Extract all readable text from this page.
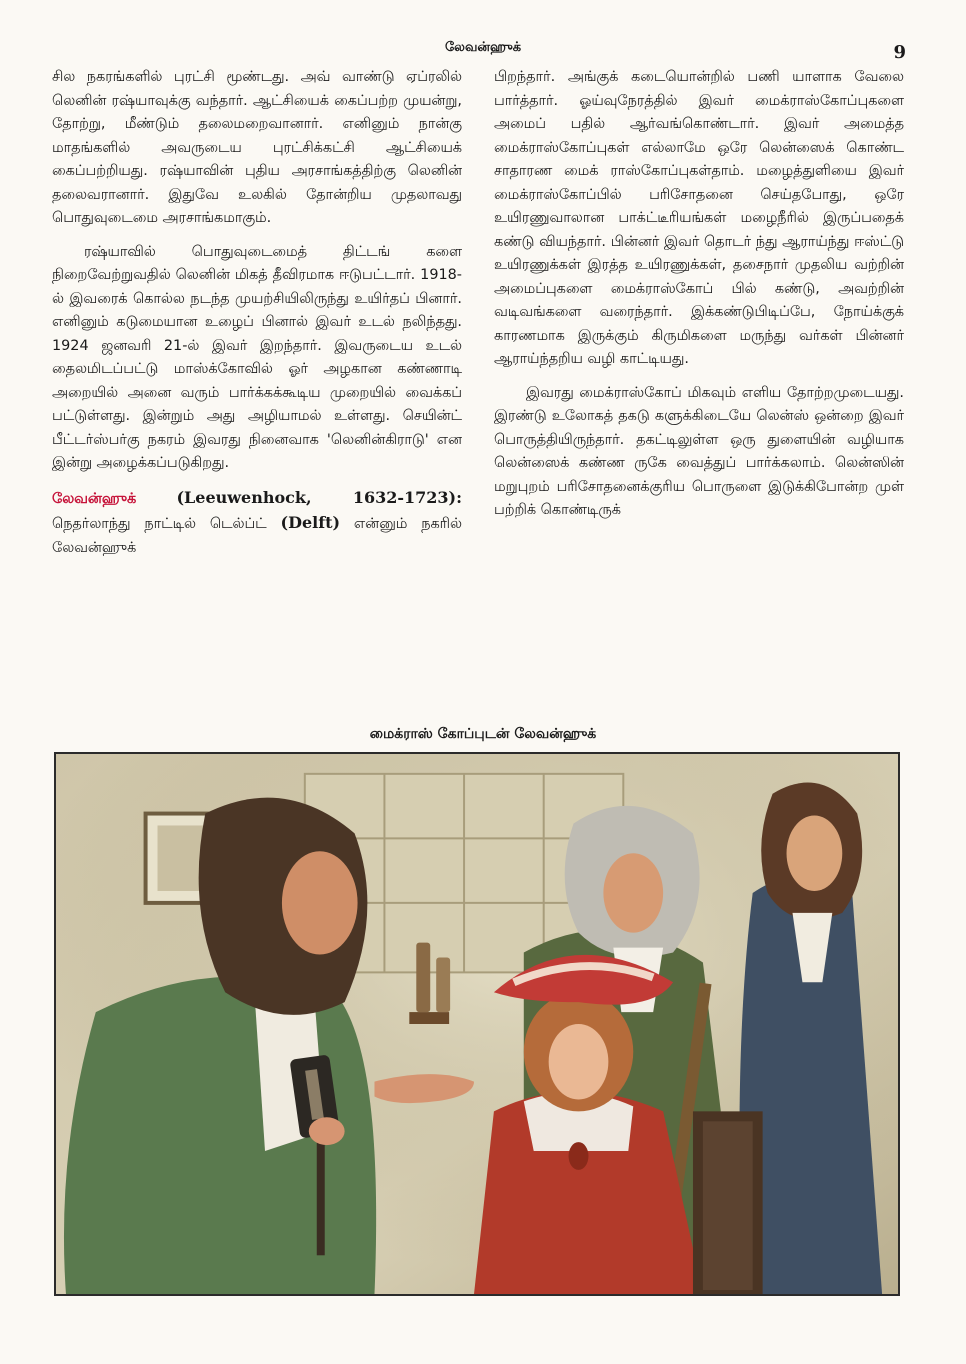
லேவன்ஹுக்	9

சில நகரங்களில் புரட்சி மூண்டது. அவ் வாண்டு ஏப்ரலில் லெனின் ரஷ்யாவுக்கு வந்தார். ஆட்சியைக் கைப்பற்ற முயன்று, தோற்று, மீண்டும் தலைமறைவானார். எனினும் நான்கு மாதங்களில் அவருடைய புரட்சிக்கட்சி ஆட்சியைக் கைப்பற்றியது. ரஷ்யாவின் புதிய அரசாங்கத்திற்கு லெனின் தலைவரானார். இதுவே உலகில் தோன்றிய முதலாவது பொதுவுடைமை அரசாங்கமாகும்.

ரஷ்யாவில் பொதுவுடைமைத் திட்டங் களை நிறைவேற்றுவதில் லெனின் மிகத் தீவிரமாக ஈடுபட்டார். 1918-ல் இவரைக் கொல்ல நடந்த முயற்சியிலிருந்து உயிர்தப் பினார். எனினும் கடுமையான உழைப் பினால் இவர் உடல் நலிந்தது. 1924 ஜனவரி 21-ல் இவர் இறந்தார். இவருடைய உடல் தைலமிடப்பட்டு மாஸ்க்கோவில் ஓர் அழகான கண்ணாடி அறையில் அனை வரும் பார்க்கக்கூடிய முறையில் வைக்கப் பட்டுள்ளது. இன்றும் அது அழியாமல் உள்ளது. செயின்ட் பீட்டர்ஸ்பர்கு நகரம் இவரது நினைவாக 'லெனின்கிராடு' என இன்று அழைக்கப்படுகிறது.

லேவன்ஹுக்	(Leeuwenhock, 1632-1723): நெதர்லாந்து நாட்டில் டெல்ப்ட் (Delft) என்னும் நகரில் லேவன்ஹுக்

பிறந்தார். அங்குக் கடையொன்றில் பணி யாளாக வேலை பார்த்தார். ஓய்வுநேரத்தில் இவர் மைக்ராஸ்கோப்புகளை அமைப் பதில் ஆர்வங்கொண்டார். இவர் அமைத்த மைக்ராஸ்கோப்புகள் எல்லாமே ஒரே லென்ஸைக் கொண்ட சாதாரண மைக் ராஸ்கோப்புகள்தாம். மழைத்துளியை இவர் மைக்ராஸ்கோப்பில் பரிசோதனை செய்தபோது, ஒரே உயிரணுவாலான பாக்ட்டீரியங்கள் மழைநீரில் இருப்பதைக் கண்டு வியந்தார். பின்னர் இவர் தொடர் ந்து ஆராய்ந்து ஈஸ்ட்டு உயிரணுக்கள் இரத்த உயிரணுக்கள், தசைநார் முதலிய வற்றின் அமைப்புகளை மைக்ராஸ்கோப் பில் கண்டு, அவற்றின் வடிவங்களை வரைந்தார். இக்கண்டுபிடிப்பே, நோய்க்குக் காரணமாக இருக்கும் கிருமிகளை மருந்து வர்கள் பின்னர் ஆராய்ந்தறிய வழி காட்டியது.

இவரது மைக்ராஸ்கோப் மிகவும் எளிய தோற்றமுடையது. இரண்டு உலோகத் தகடு களுக்கிடையே லென்ஸ் ஒன்றை இவர் பொருத்தியிருந்தார். தகட்டிலுள்ள ஒரு துளையின் வழியாக லென்ஸைக் கண்ண ருகே வைத்துப் பார்க்கலாம். லென்ஸின் மறுபுறம் பரிசோதனைக்குரிய பொருளை இடுக்கிபோன்ற முள் பற்றிக் கொண்டிருக்

மைக்ராஸ் கோப்புடன் லேவன்ஹுக்
